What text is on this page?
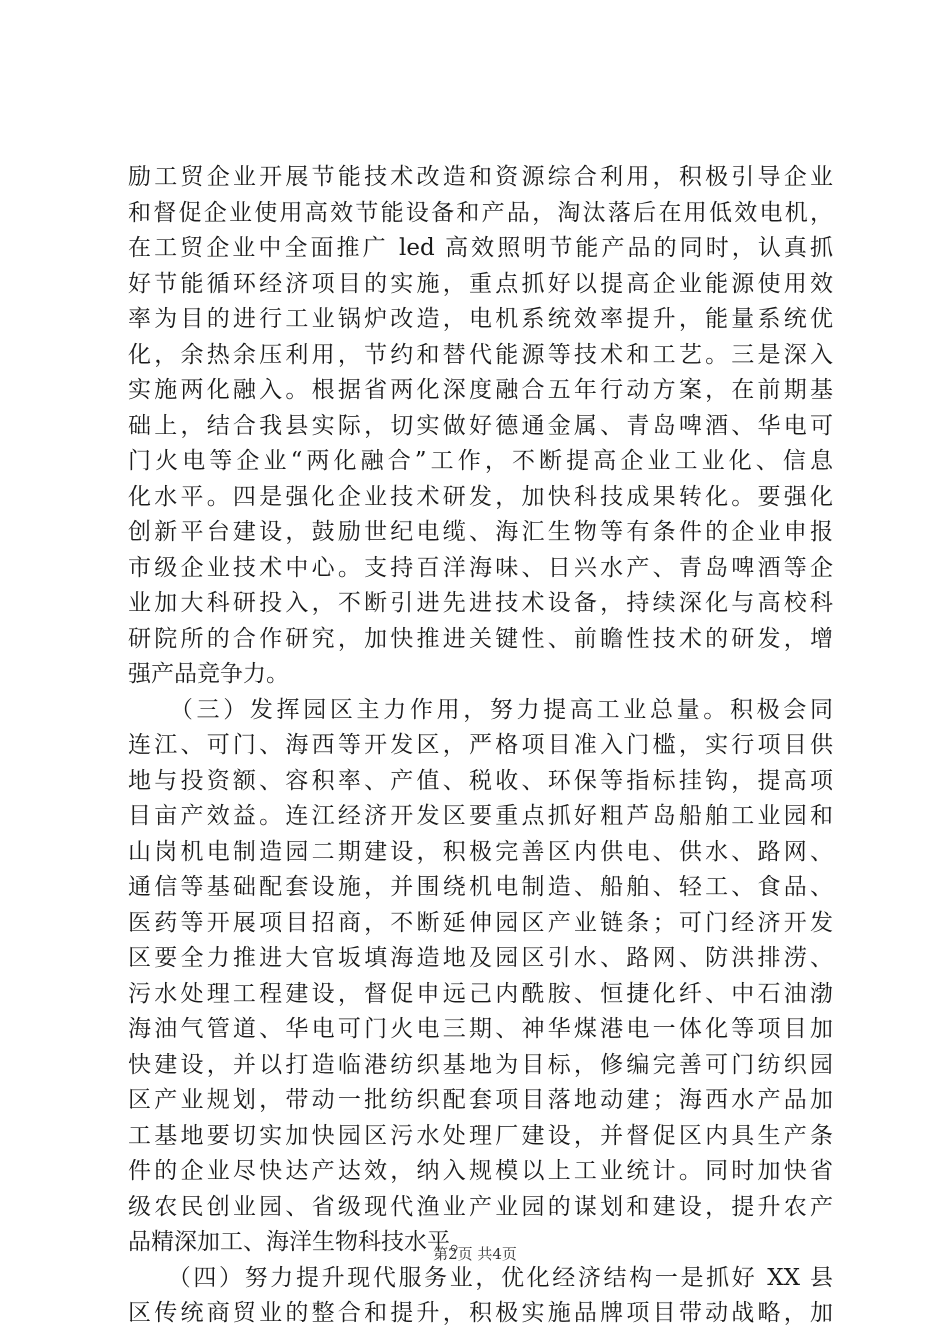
励工贸企业开展节能技术改造和资源综合利用，积极引导企业
和督促企业使用高效节能设备和产品，淘汰落后在用低效电机，
在工贸企业中全面推广 led 高效照明节能产品的同时，认真抓
好节能循环经济项目的实施，重点抓好以提高企业能源使用效
率为目的进行工业锅炉改造，电机系统效率提升，能量系统优
化，余热余压利用，节约和替代能源等技术和工艺。三是深入
实施两化融入。根据省两化深度融合五年行动方案，在前期基
础上，结合我县实际，切实做好德通金属、青岛啤酒、华电可
门火电等企业“两化融合”工作，不断提高企业工业化、信息
化水平。四是强化企业技术研发，加快科技成果转化。要强化
创新平台建设，鼓励世纪电缆、海汇生物等有条件的企业申报
市级企业技术中心。支持百洋海味、日兴水产、青岛啤酒等企
业加大科研投入，不断引进先进技术设备，持续深化与高校科
研院所的合作研究，加快推进关键性、前瞻性技术的研发，增
强产品竞争力。
　　（三）发挥园区主力作用，努力提高工业总量。积极会同
连江、可门、海西等开发区，严格项目准入门槛，实行项目供
地与投资额、容积率、产值、税收、环保等指标挂钩，提高项
目亩产效益。连江经济开发区要重点抓好粗芦岛船舶工业园和
山岗机电制造园二期建设，积极完善区内供电、供水、路网、
通信等基础配套设施，并围绕机电制造、船舶、轻工、食品、
医药等开展项目招商，不断延伸园区产业链条；可门经济开发
区要全力推进大官坂填海造地及园区引水、路网、防洪排涝、
污水处理工程建设，督促申远己内酰胺、恒捷化纤、中石油渤
海油气管道、华电可门火电三期、神华煤港电一体化等项目加
快建设，并以打造临港纺织基地为目标，修编完善可门纺织园
区产业规划，带动一批纺织配套项目落地动建；海西水产品加
工基地要切实加快园区污水处理厂建设，并督促区内具生产条
件的企业尽快达产达效，纳入规模以上工业统计。同时加快省
级农民创业园、省级现代渔业产业园的谋划和建设，提升农产
品精深加工、海洋生物科技水平。
　　（四）努力提升现代服务业，优化经济结构一是抓好 XX 县
区传统商贸业的整合和提升，积极实施品牌项目带动战略，加
第2页 共4页
